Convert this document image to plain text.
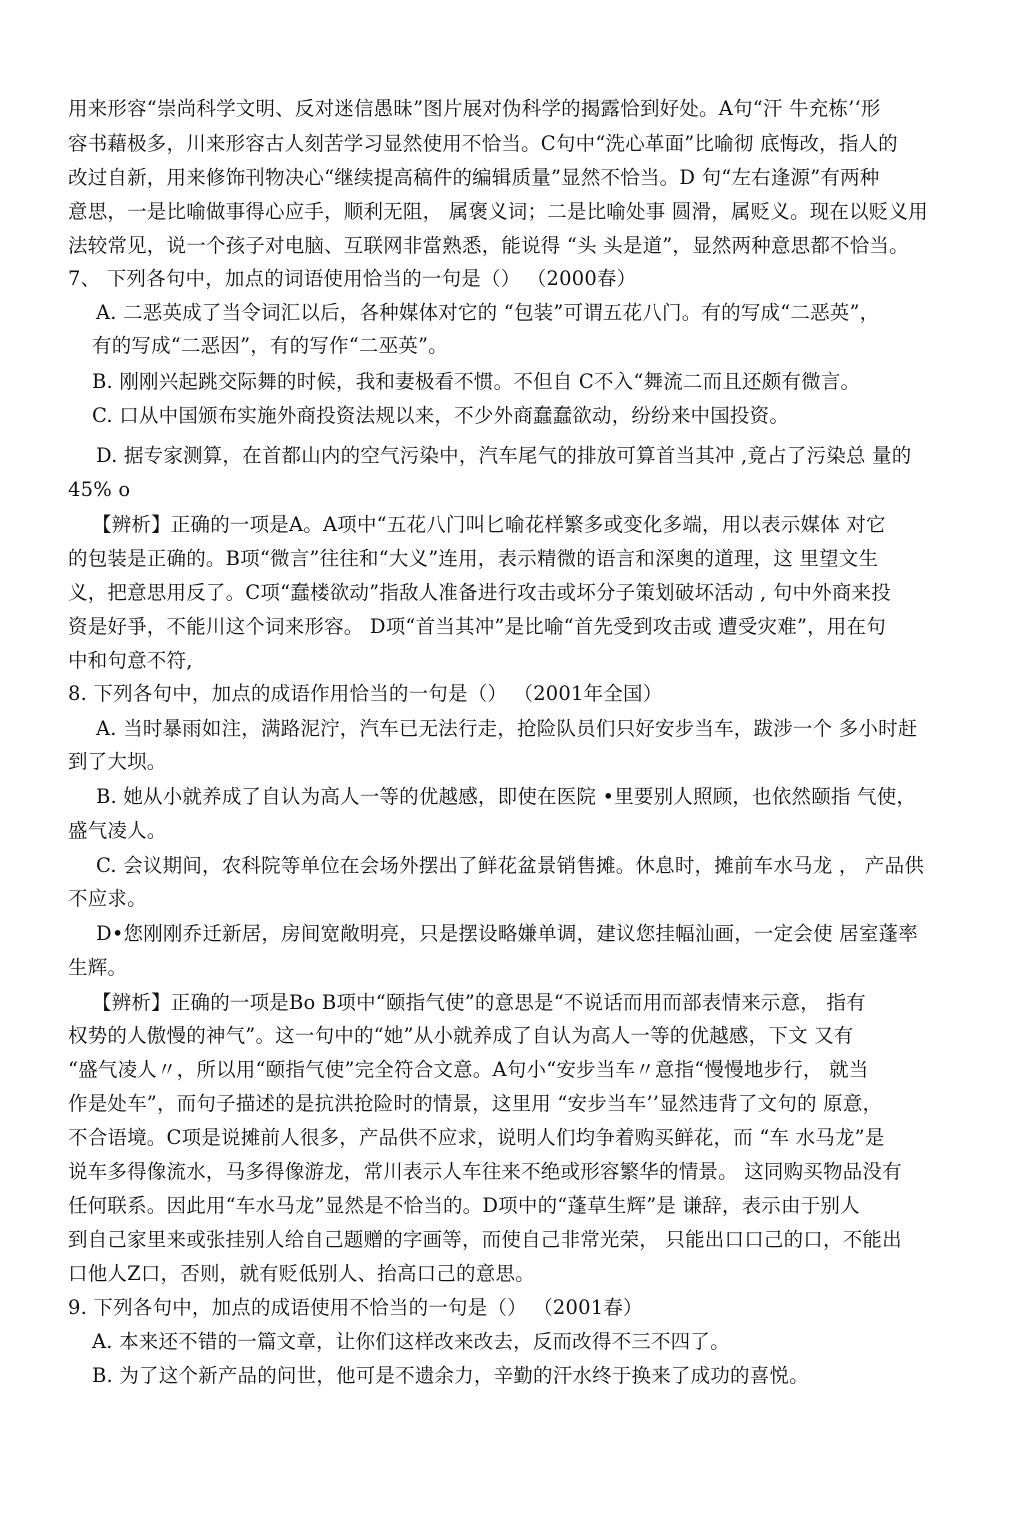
用来形容“崇尚科学文明、反对迷信愚昧”图片展对伪科学的揭露恰到好处。A句“汗 牛充栋’‘形
容书藉极多，川来形容古人刻苦学习显然使用不恰当。C句中“洗心革面”比喻彻 底悔改，指人的
改过自新，用来修饰刊物决心“继续提高稿件的编辑质量”显然不恰当。D 句“左右逢源”有两种
意思，一是比喻做事得心应手，顺利无阻， 属褒义词；二是比喻处事 圆滑，属贬义。现在以贬义用
法较常见，说一个孩子对电脑、互联网非當熟悉，能说得 “头 头是道”，显然两种意思都不恰当。
7、 下列各句中，加点的词语使用恰当的一句是（） （2000春）
A. 二恶英成了当令词汇以后，各种媒体对它的 “包装”可谓五花八门。有的写成“二恶英”，
有的写成“二恶因”，有的写作“二巫英”。
B. 刚刚兴起跳交际舞的时候，我和妻极看不惯。不但自 C不入“舞流二而且还颇有微言。
C. 口从中国颁布实施外商投资法规以来，不少外商蠢蠢欲动，纷纷来中国投资。
D. 据专家测算，在首都山内的空气污染中，汽车尾气的排放可算首当其冲 ,竟占了污染总 量的
45% o
【辨析】正确的一项是A。A项中“五花八门叫匕喻花样繁多或变化多端，用以表示媒体 对它
的包装是正确的。B项“微言”往往和“大义”连用，表示精微的语言和深奥的道理，这 里望文生
义，把意思用反了。C项“蠢楼欲动”指敌人准备进行攻击或坏分子策划破坏活动 , 句中外商来投
资是好爭，不能川这个词来形容。 D项“首当其冲”是比喻“首先受到攻击或 遭受灾难”，用在句
中和句意不符,
8. 下列各句中，加点的成语作用恰当的一句是（） （2001年全国）
A. 当时暴雨如注，满路泥泞，汽车已无法行走，抢险队员们只好安步当车，跋涉一个 多小时赶
到了大坝。
B. 她从小就养成了自认为高人一等的优越感，即使在医院 •里要别人照顾，也依然颐指 气使，
盛气凌人。
C. 会议期间，农科院等单位在会场外摆出了鲜花盆景销售摊。休息时，摊前车水马龙 ， 产品供
不应求。
D•您刚刚乔迁新居，房间宽敞明亮，只是摆设略嫌单调，建议您挂幅汕画，一定会使 居室蓬率
生辉。
【辨析】正确的一项是Bo B项中“颐指气使”的意思是“不说话而用而部表情来示意， 指有
权势的人傲慢的神气”。这一句中的“她”从小就养成了自认为高人一等的优越感，下文 又有
“盛气凌人〃，所以用“颐指气使”完全符合文意。A句小“安步当车〃意指“慢慢地步行， 就当
作是处车”，而句子描述的是抗洪抢险时的情景，这里用 “安步当车’’显然违背了文句的 原意，
不合语境。C项是说摊前人很多，产品供不应求，说明人们均争着购买鲜花，而 “车 水马龙”是
说车多得像流水，马多得像游龙，常川表示人车往来不绝或形容繁华的情景。 这同购买物品没有
任何联系。因此用“车水马龙”显然是不恰当的。D项中的“蓬草生辉”是 谦辞，表示由于别人
到自己家里来或张挂别人给自己题赠的字画等，而使自己非常光荣， 只能出口口己的口，不能出
口他人Z口，否则，就有贬低别人、抬高口己的意思。
9. 下列各句中，加点的成语使用不恰当的一句是（） （2001春）
A. 本来还不错的一篇文章，让你们这样改来改去，反而改得不三不四了。
B. 为了这个新产品的问世，他可是不遗余力，辛勤的汗水终于换来了成功的喜悦。
